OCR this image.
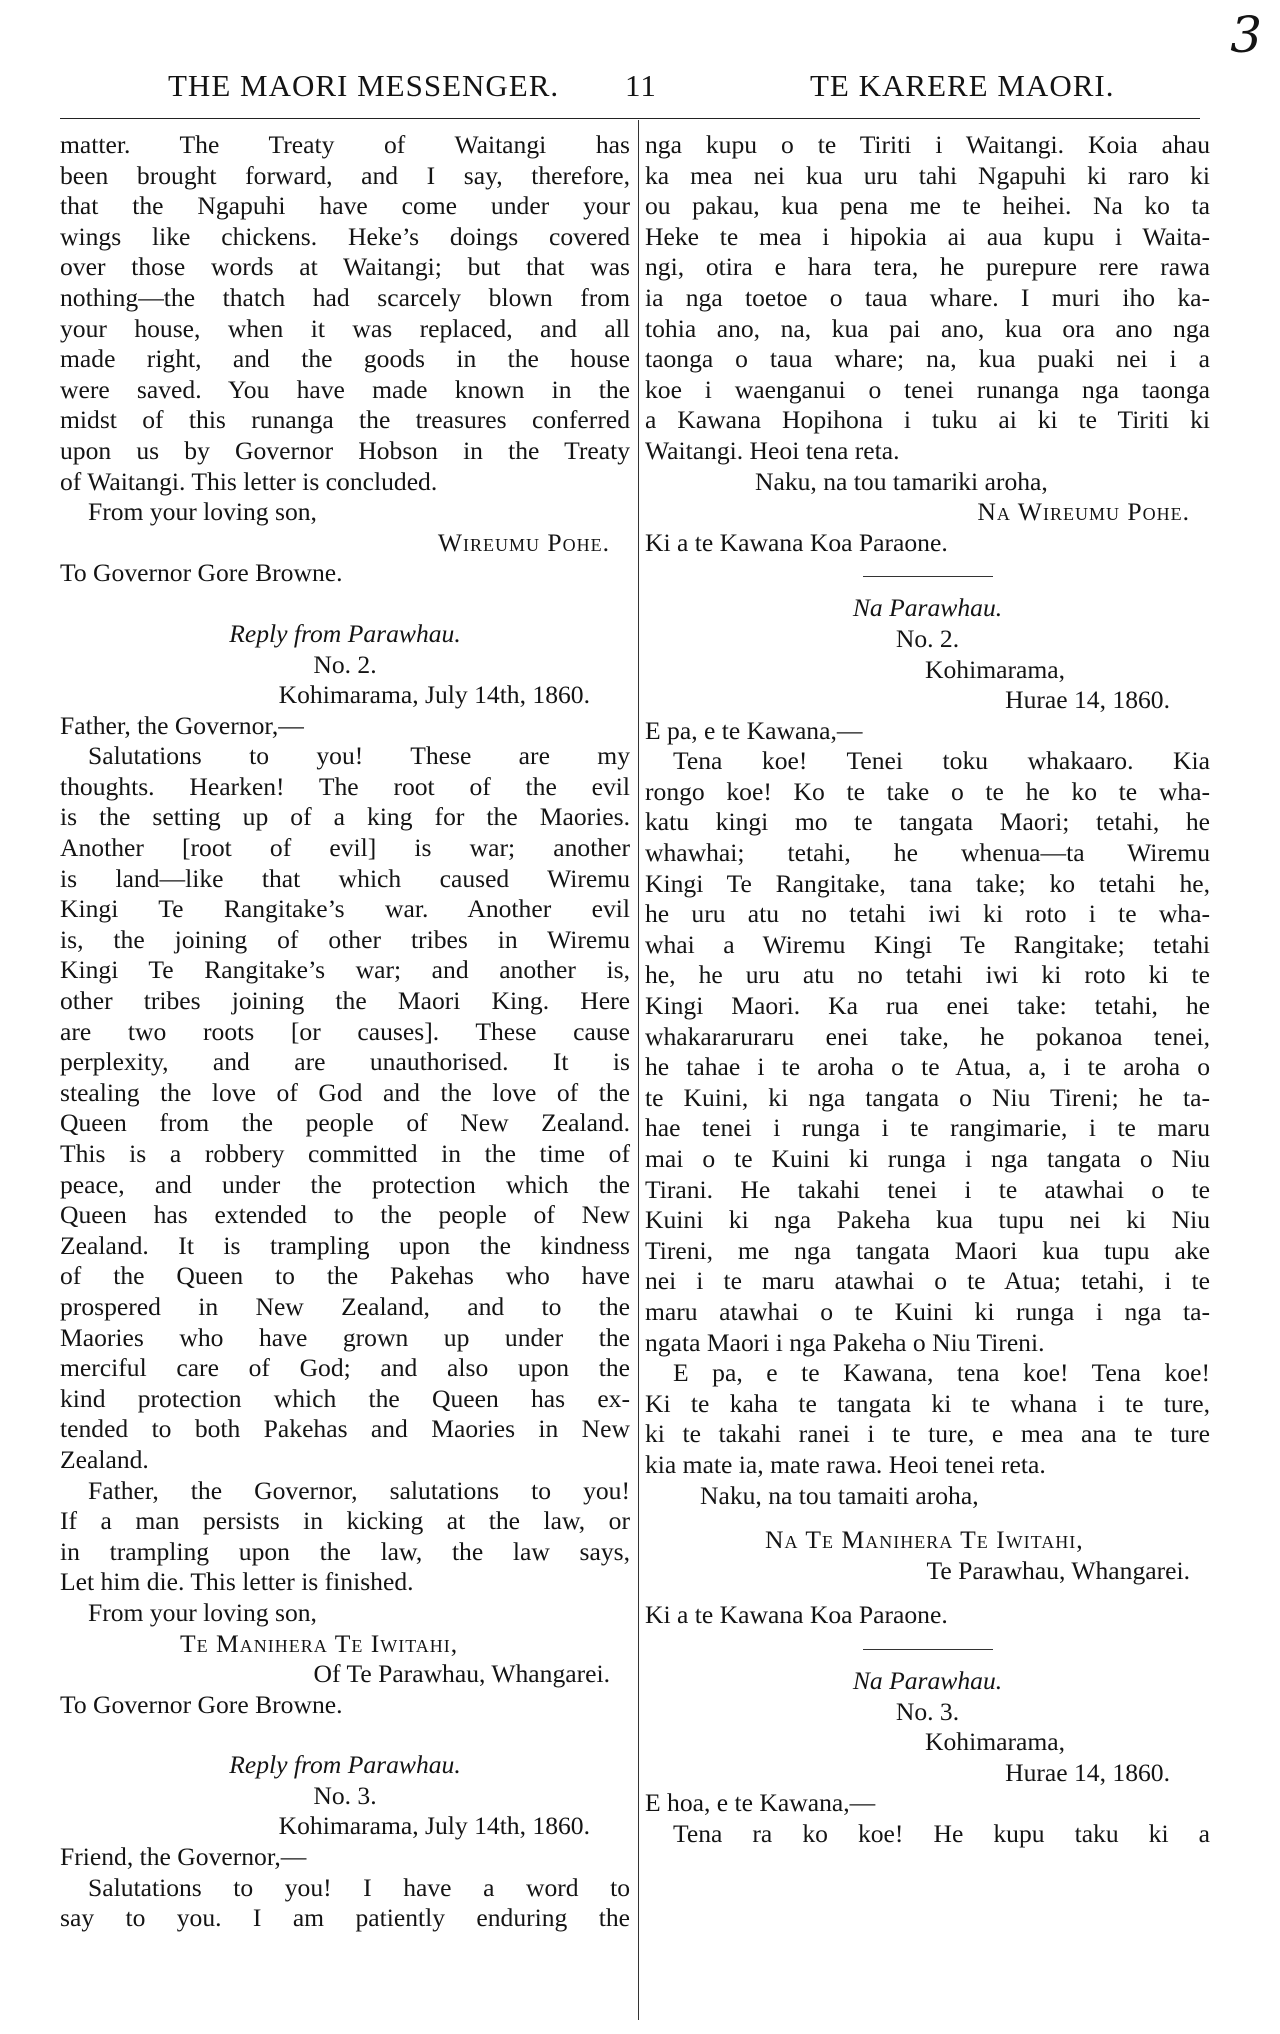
3
THE MAORI MESSENGER. 11	TE KARERE MAORI.
matter. The Treaty of Waitangi has
been brought forward, and I say, therefore,
that the Ngapuhi have come under your
wings like chickens. Heke’s doings covered
over those words at Waitangi; but that was
nothing—the thatch had scarcely blown from
your house, when it was replaced, and all
made right, and the goods in the house
were saved. You have made known in the
midst of this runanga the treasures conferred
upon us by Governor Hobson in the Treaty
of Waitangi. This letter is concluded.
From your loving son,
Wireumu Pohe.
To Governor Gore Browne.
Reply from Parawhau.
No. 2.
Kohimarama, July 14th, 1860.
Father, the Governor,—
Salutations to you! These are my
thoughts. Hearken! The root of the evil
is the setting up of a king for the Maories.
Another [root of evil] is war; another
is land—like that which caused Wiremu
Kingi Te Rangitake’s war. Another evil
is, the joining of other tribes in Wiremu
Kingi Te Rangitake’s war; and another is,
other tribes joining the Maori King. Here
are two roots [or causes]. These cause
perplexity, and are unauthorised. It is
stealing the love of God and the love of the
Queen from the people of New Zealand.
This is a robbery committed in the time of
peace, and under the protection which the
Queen has extended to the people of New
Zealand. It is trampling upon the kindness
of the Queen to the Pakehas who have
prospered in New Zealand, and to the
Maories who have grown up under the
merciful care of God; and also upon the
kind protection which the Queen has ex-
tended to both Pakehas and Maories in New
Zealand.
Father, the Governor, salutations to you!
If a man persists in kicking at the law, or
in trampling upon the law, the law says,
Let him die. This letter is finished.
From your loving son,
Te Manihera Te Iwitahi,
Of Te Parawhau, Whangarei.
To Governor Gore Browne.
Reply from Parawhau.
No. 3.
Kohimarama, July 14th, 1860.
Friend, the Governor,—
Salutations to you! I have a word to
say to you. I am patiently enduring the
nga kupu o te Tiriti i Waitangi. Koia ahau
ka mea nei kua uru tahi Ngapuhi ki raro ki
ou pakau, kua pena me te heihei. Na ko ta
Heke te mea i hipokia ai aua kupu i Waita-
ngi, otira e hara tera, he purepure rere rawa
ia nga toetoe o taua whare. I muri iho ka-
tohia ano, na, kua pai ano, kua ora ano nga
taonga o taua whare; na, kua puaki nei i a
koe i waenganui o tenei runanga nga taonga
a Kawana Hopihona i tuku ai ki te Tiriti ki
Waitangi. Heoi tena reta.
Naku, na tou tamariki aroha,
Na Wireumu Pohe.
Ki a te Kawana Koa Paraone.
Na Parawhau.
No. 2.
Kohimarama,
Hurae 14, 1860.
E pa, e te Kawana,—
Tena koe! Tenei toku whakaaro. Kia
rongo koe! Ko te take o te he ko te wha-
katu kingi mo te tangata Maori; tetahi, he
whawhai; tetahi, he whenua—ta Wiremu
Kingi Te Rangitake, tana take; ko tetahi he,
he uru atu no tetahi iwi ki roto i te wha-
whai a Wiremu Kingi Te Rangitake; tetahi
he, he uru atu no tetahi iwi ki roto ki te
Kingi Maori. Ka rua enei take: tetahi, he
whakararuraru enei take, he pokanoa tenei,
he tahae i te aroha o te Atua, a, i te aroha o
te Kuini, ki nga tangata o Niu Tireni; he ta-
hae tenei i runga i te rangimarie, i te maru
mai o te Kuini ki runga i nga tangata o Niu
Tirani. He takahi tenei i te atawhai o te
Kuini ki nga Pakeha kua tupu nei ki Niu
Tireni, me nga tangata Maori kua tupu ake
nei i te maru atawhai o te Atua; tetahi, i te
maru atawhai o te Kuini ki runga i nga ta-
ngata Maori i nga Pakeha o Niu Tireni.
E pa, e te Kawana, tena koe! Tena koe!
Ki te kaha te tangata ki te whana i te ture,
ki te takahi ranei i te ture, e mea ana te ture
kia mate ia, mate rawa. Heoi tenei reta.
Naku, na tou tamaiti aroha,
Na Te Manihera Te Iwitahi,
Te Parawhau, Whangarei.
Ki a te Kawana Koa Paraone.
Na Parawhau.
No. 3.
Kohimarama,
Hurae 14, 1860.
E hoa, e te Kawana,—
Tena ra ko koe! He kupu taku ki a
